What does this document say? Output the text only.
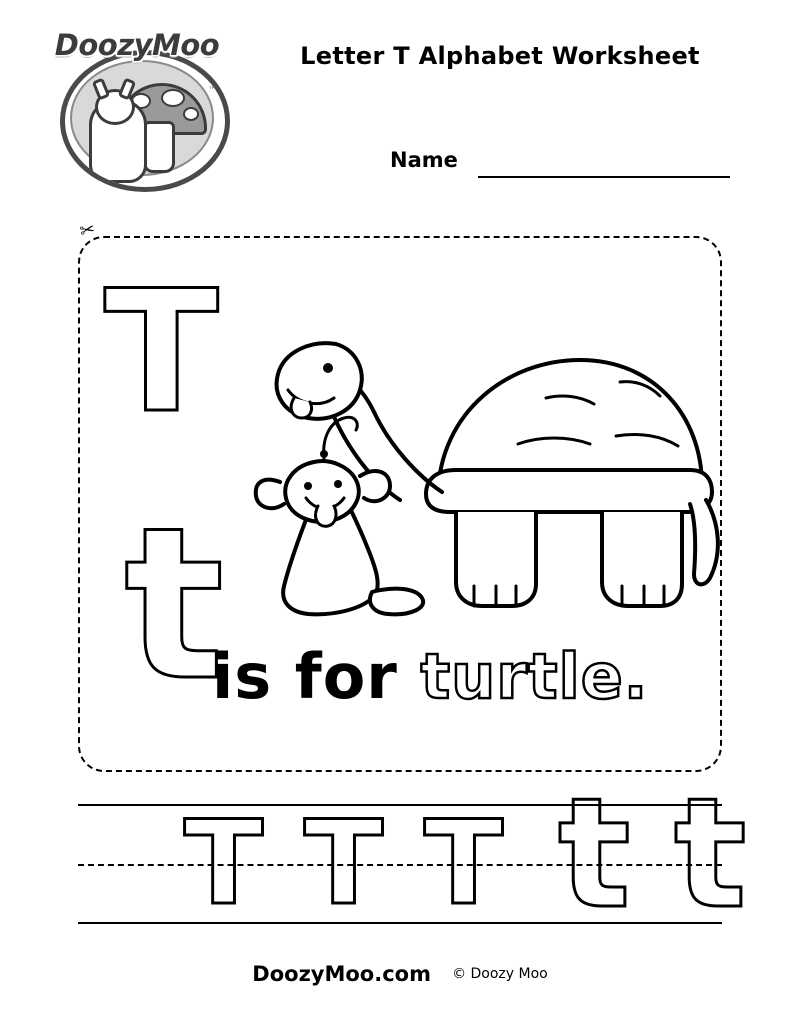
DoozyMoo
™
Letter T Alphabet Worksheet
Name
✂
T
t
is for turtle.
T T T t t
DoozyMoo.com © Doozy Moo
